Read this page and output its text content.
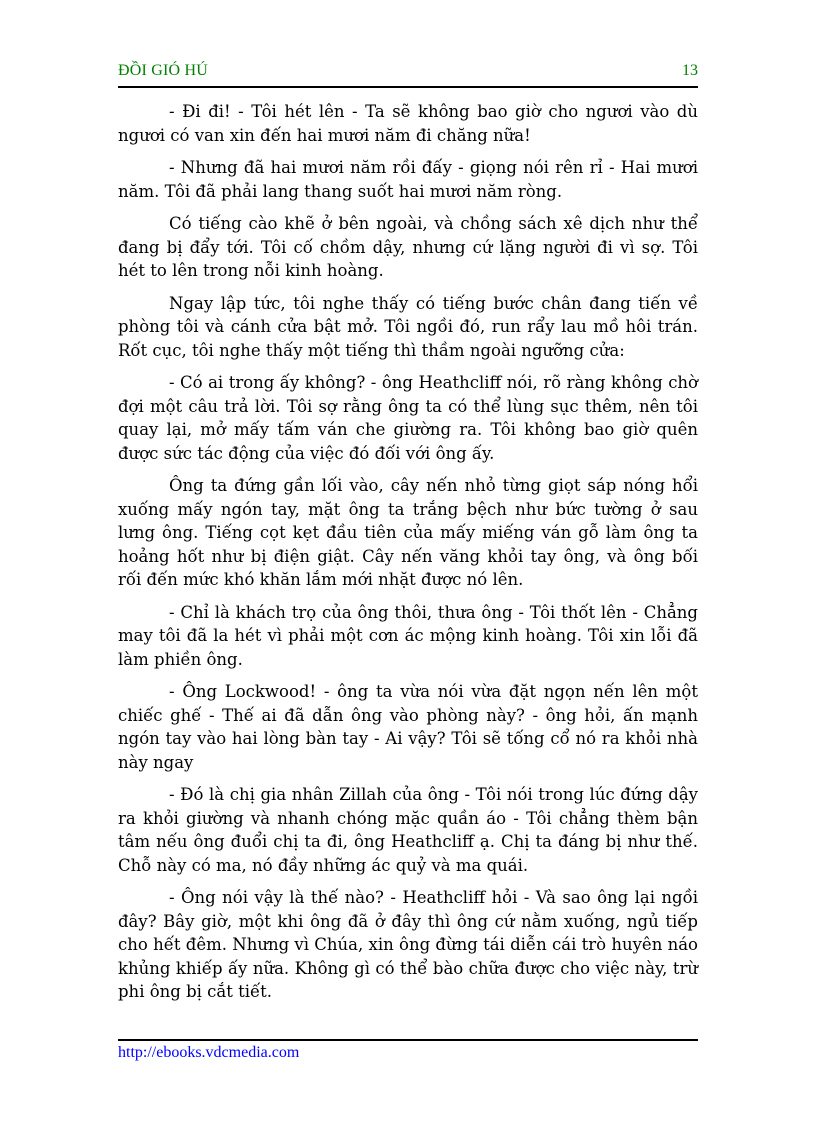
ĐỒI GIÓ HÚ	13

- Đi đi! - Tôi hét lên - Ta sẽ không bao giờ cho ngươi vào dù ngươi có van xin đến hai mươi năm đi chăng nữa!

- Nhưng đã hai mươi năm rồi đấy - giọng nói rên rỉ - Hai mươi năm. Tôi đã phải lang thang suốt hai mươi năm ròng.

Có tiếng cào khẽ ở bên ngoài, và chồng sách xê dịch như thể đang bị đẩy tới. Tôi cố chồm dậy, nhưng cứ lặng người đi vì sợ. Tôi hét to lên trong nỗi kinh hoàng.

Ngay lập tức, tôi nghe thấy có tiếng bước chân đang tiến về phòng tôi và cánh cửa bật mở. Tôi ngồi đó, run rẩy lau mồ hôi trán. Rốt cục, tôi nghe thấy một tiếng thì thầm ngoài ngưỡng cửa:

- Có ai trong ấy không? - ông Heathcliff nói, rõ ràng không chờ đợi một câu trả lời. Tôi sợ rằng ông ta có thể lùng sục thêm, nên tôi quay lại, mở mấy tấm ván che giường ra. Tôi không bao giờ quên được sức tác động của việc đó đối với ông ấy.

Ông ta đứng gần lối vào, cây nến nhỏ từng giọt sáp nóng hổi xuống mấy ngón tay, mặt ông ta trắng bệch như bức tường ở sau lưng ông. Tiếng cọt kẹt đầu tiên của mấy miếng ván gỗ làm ông ta hoảng hốt như bị điện giật. Cây nến văng khỏi tay ông, và ông bối rối đến mức khó khăn lắm mới nhặt được nó lên.

- Chỉ là khách trọ của ông thôi, thưa ông - Tôi thốt lên - Chẳng may tôi đã la hét vì phải một cơn ác mộng kinh hoàng. Tôi xin lỗi đã làm phiền ông.

- Ông Lockwood! - ông ta vừa nói vừa đặt ngọn nến lên một chiếc ghế - Thế ai đã dẫn ông vào phòng này? - ông hỏi, ấn mạnh ngón tay vào hai lòng bàn tay - Ai vậy? Tôi sẽ tống cổ nó ra khỏi nhà này ngay

- Đó là chị gia nhân Zillah của ông - Tôi nói trong lúc đứng dậy ra khỏi giường và nhanh chóng mặc quần áo - Tôi chẳng thèm bận tâm nếu ông đuổi chị ta đi, ông Heathcliff ạ. Chị ta đáng bị như thế. Chỗ này có ma, nó đầy những ác quỷ và ma quái.

- Ông nói vậy là thế nào? - Heathcliff hỏi - Và sao ông lại ngồi đây? Bây giờ, một khi ông đã ở đây thì ông cứ nằm xuống, ngủ tiếp cho hết đêm. Nhưng vì Chúa, xin ông đừng tái diễn cái trò huyên náo khủng khiếp ấy nữa. Không gì có thể bào chữa được cho việc này, trừ phi ông bị cắt tiết.

http://ebooks.vdcmedia.com
